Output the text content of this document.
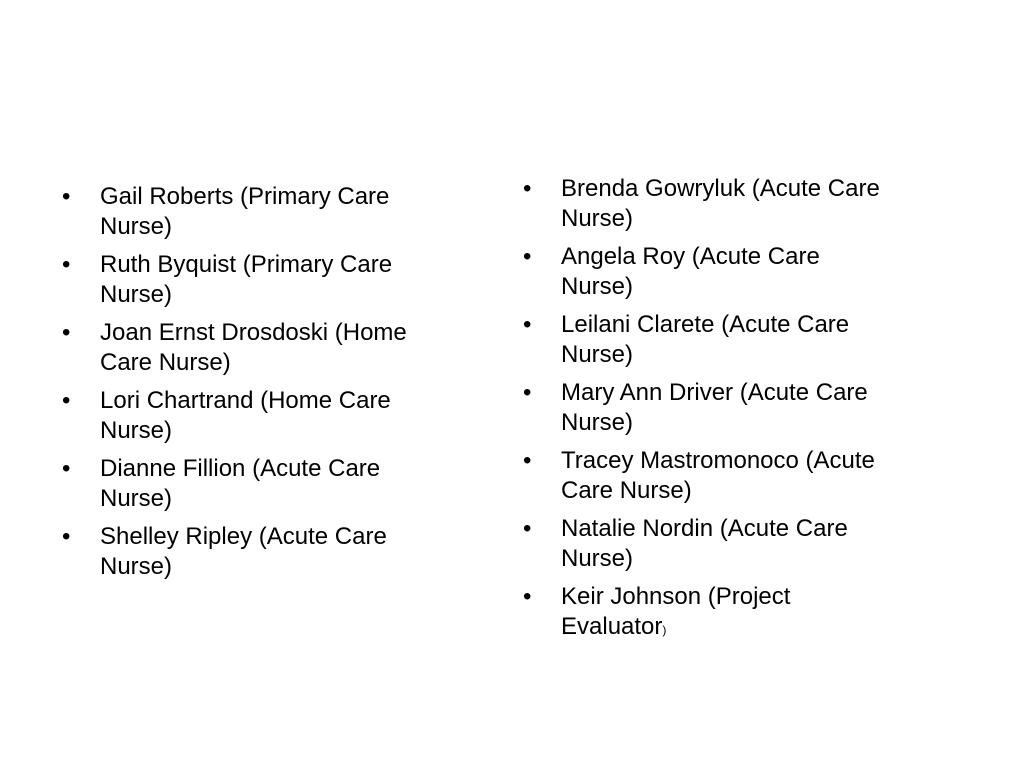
•	Gail Roberts (Primary Care
Nurse)
•	Ruth Byquist (Primary Care
Nurse)
•	Joan Ernst Drosdoski (Home
Care Nurse)
•	Lori Chartrand (Home Care
Nurse)
•	Dianne Fillion (Acute Care
Nurse)
•	Shelley Ripley (Acute Care
Nurse)
•	Brenda Gowryluk (Acute Care
Nurse)
•	Angela Roy (Acute Care
Nurse)
•	Leilani Clarete (Acute Care
Nurse)
•	Mary Ann Driver (Acute Care
Nurse)
•	Tracey Mastromonoco (Acute
Care Nurse)
•	Natalie Nordin (Acute Care
Nurse)
•	Keir Johnson (Project
Evaluator)
